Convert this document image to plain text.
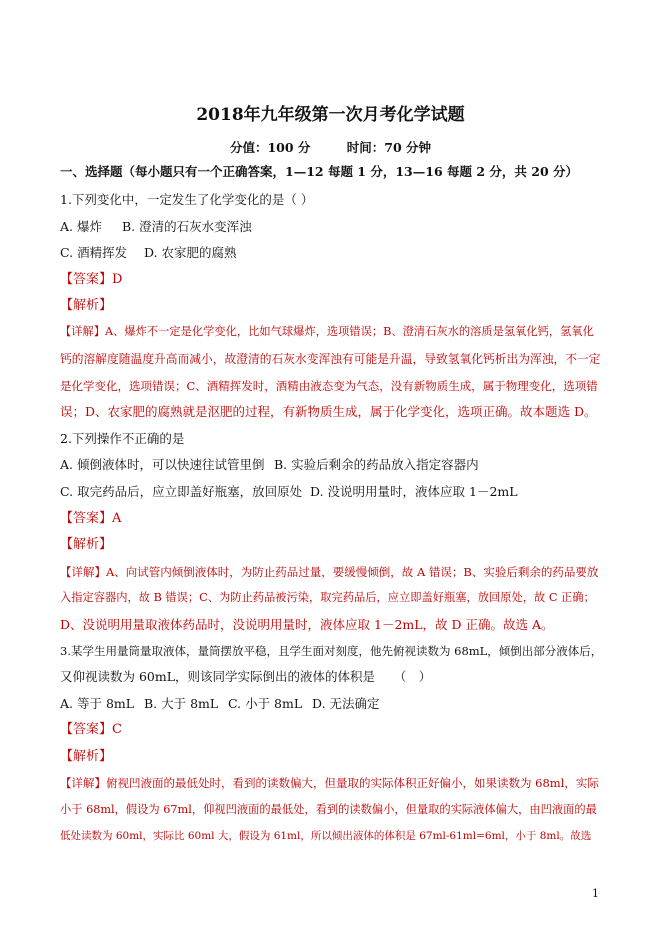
2018年九年级第一次月考化学试题
分值：100 分	时间：70 分钟
一、选择题（每小题只有一个正确答案，1—12 每题 1 分，13—16 每题 2 分，共 20 分）
1.下列变化中，一定发生了化学变化的是（ ）
A. 爆炸 B. 澄清的石灰水变浑浊
C. 酒精挥发 D. 农家肥的腐熟
【答案】D
【解析】
【详解】A、爆炸不一定是化学变化，比如气球爆炸，选项错误；B、澄清石灰水的溶质是氢氧化钙，氢氧化
钙的溶解度随温度升高而减小，故澄清的石灰水变浑浊有可能是升温，导致氢氧化钙析出为浑浊，不一定
是化学变化，选项错误；C、酒精挥发时，酒精由液态变为气态，没有新物质生成，属于物理变化，选项错
误；D、农家肥的腐熟就是沤肥的过程，有新物质生成，属于化学变化，选项正确。故本题选 D。
2.下列操作不正确的是
A. 倾倒液体时，可以快速往试管里倒 B. 实验后剩余的药品放入指定容器内
C. 取完药品后，应立即盖好瓶塞，放回原处 D. 没说明用量时，液体应取 1－2mL
【答案】A
【解析】
【详解】A、向试管内倾倒液体时，为防止药品过量，要缓慢倾倒，故 A 错误；B、实验后剩余的药品要放
入指定容器内，故 B 错误；C、为防止药品被污染，取完药品后，应立即盖好瓶塞，放回原处，故 C 正确；
D、没说明用量取液体药品时，没说明用量时，液体应取 1－2mL，故 D 正确。故选 A。
3.某学生用量筒量取液体，量筒摆放平稳，且学生面对刻度，他先俯视读数为 68mL，倾倒出部分液体后，
又仰视读数为 60mL，则该同学实际倒出的液体的体积是　　（　）
A. 等于 8mL B. 大于 8mL C. 小于 8mL D. 无法确定
【答案】C
【解析】
【详解】俯视凹液面的最低处时，看到的读数偏大，但量取的实际体积正好偏小，如果读数为 68ml，实际
小于 68ml，假设为 67ml，仰视凹液面的最低处，看到的读数偏小，但量取的实际液体偏大，由凹液面的最
低处读数为 60ml，实际比 60ml 大，假设为 61ml，所以倾出液体的体积是 67ml-61ml=6ml，小于 8ml。故选
1
